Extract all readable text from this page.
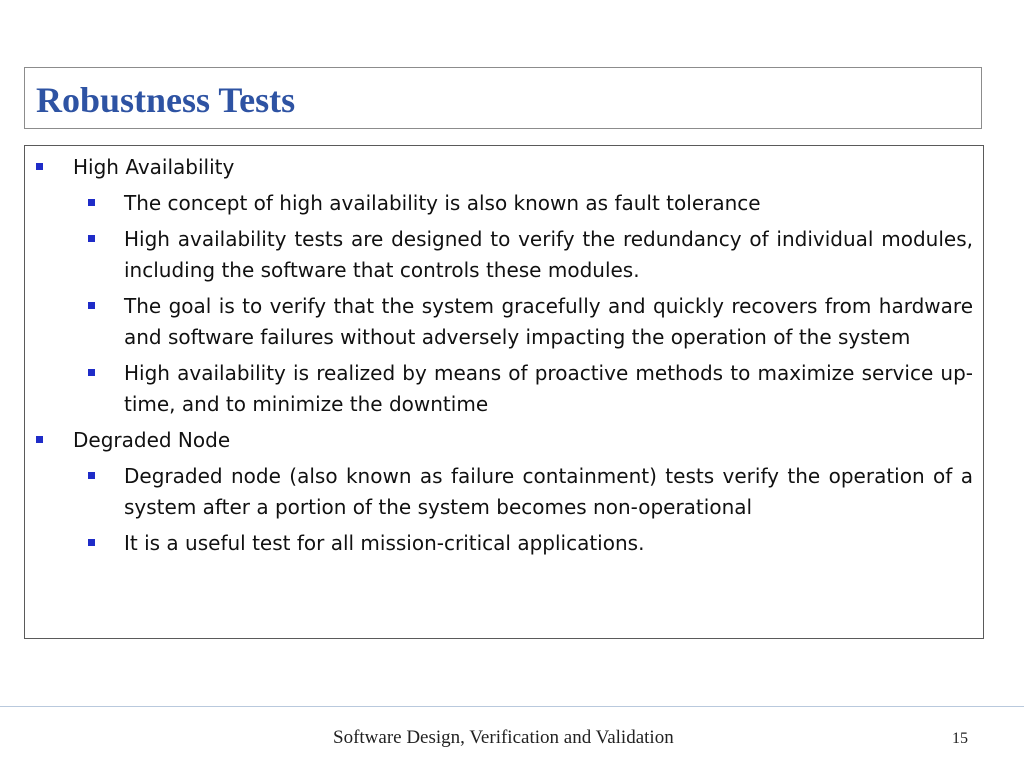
Robustness Tests
High Availability
The concept of high availability is also known as fault tolerance
High availability tests are designed to verify the redundancy of individual modules, including the software that controls these modules.
The goal is to verify that the system gracefully and quickly recovers from hardware and software failures without adversely impacting the operation of the system
High availability is realized by means of proactive methods to maximize service up-time, and to minimize the downtime
Degraded Node
Degraded node (also known as failure containment) tests verify the operation of a system after a portion of the system becomes non-operational
It is a useful test for all mission-critical applications.
Software Design, Verification and Validation	15
